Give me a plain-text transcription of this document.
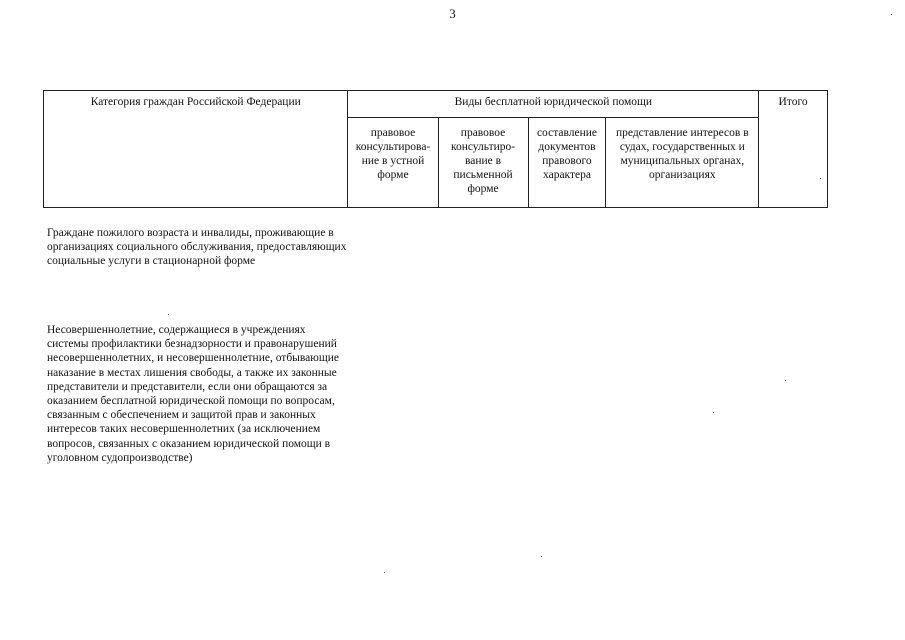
3
Категория граждан Российской Федерации	Виды бесплатной юридической помощи				Итого
	правовое консультирова- ние в устной форме	правовое консультиро- вание в письменной форме	составление документов правового характера	представление интересов в судах, государственных и муниципальных органах, организациях	
Граждане пожилого возраста и инвалиды, проживающие в организациях социального обслуживания, предоставляющих социальные услуги в стационарной форме
Несовершеннолетние, содержащиеся в учреждениях системы профилактики безнадзорности и правонарушений несовершеннолетних, и несовершеннолетние, отбывающие наказание в местах лишения свободы, а также их законные представители и представители, если они обращаются за оказанием бесплатной юридической помощи по вопросам, связанным с обеспечением и защитой прав и законных интересов таких несовершеннолетних (за исключением вопросов, связанных с оказанием юридической помощи в уголовном судопроизводстве)
